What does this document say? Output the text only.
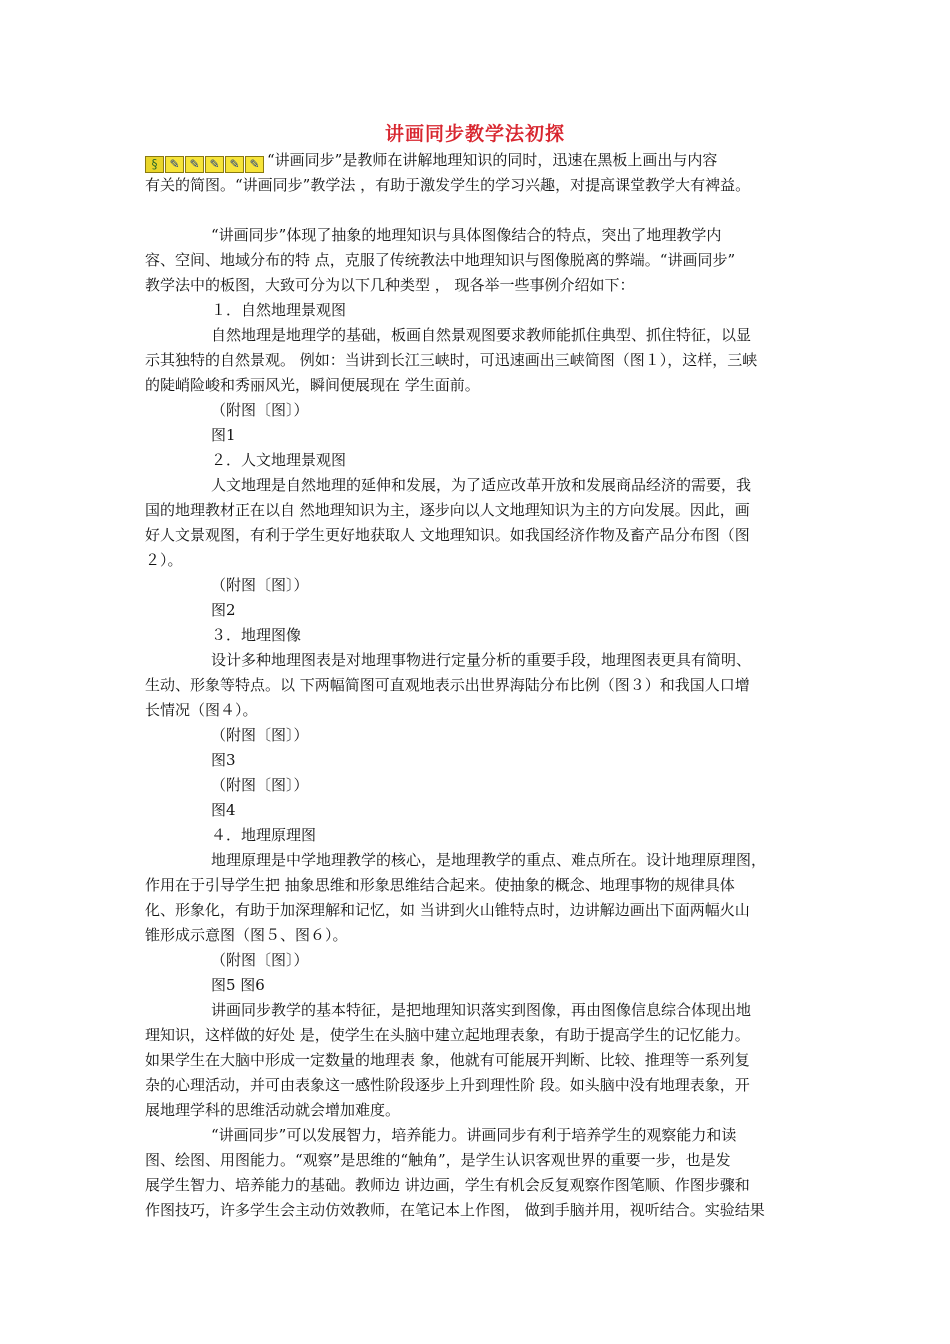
讲画同步教学法初探
§ ✎ ✎ ✎ ✎ ✎ “讲画同步”是教师在讲解地理知识的同时，迅速在黑板上画出与内容
有关的简图。“讲画同步”教学法 ，有助于激发学生的学习兴趣，对提高课堂教学大有裨益。
“讲画同步”体现了抽象的地理知识与具体图像结合的特点，突出了地理教学内
容、空间、地域分布的特 点，克服了传统教法中地理知识与图像脱离的弊端。“讲画同步”
教学法中的板图，大致可分为以下几种类型 ， 现各举一些事例介绍如下：
１．自然地理景观图
自然地理是地理学的基础，板画自然景观图要求教师能抓住典型、抓住特征，以显
示其独特的自然景观。 例如：当讲到长江三峡时，可迅速画出三峡简图（图１），这样，三峡
的陡峭险峻和秀丽风光，瞬间便展现在 学生面前。
（附图〔图〕）
图1
２．人文地理景观图
人文地理是自然地理的延伸和发展，为了适应改革开放和发展商品经济的需要，我
国的地理教材正在以自 然地理知识为主，逐步向以人文地理知识为主的方向发展。因此，画
好人文景观图，有利于学生更好地获取人 文地理知识。如我国经济作物及畜产品分布图（图
２）。
（附图〔图〕）
图2
３．地理图像
设计多种地理图表是对地理事物进行定量分析的重要手段，地理图表更具有简明、
生动、形象等特点。以 下两幅简图可直观地表示出世界海陆分布比例（图３）和我国人口增
长情况（图４）。
（附图〔图〕）
图3
（附图〔图〕）
图4
４．地理原理图
地理原理是中学地理教学的核心，是地理教学的重点、难点所在。设计地理原理图，
作用在于引导学生把 抽象思维和形象思维结合起来。使抽象的概念、地理事物的规律具体
化、形象化，有助于加深理解和记忆，如 当讲到火山锥特点时，边讲解边画出下面两幅火山
锥形成示意图（图５、图６）。
（附图〔图〕）
图5 图6
讲画同步教学的基本特征，是把地理知识落实到图像，再由图像信息综合体现出地
理知识，这样做的好处 是，使学生在头脑中建立起地理表象，有助于提高学生的记忆能力。
如果学生在大脑中形成一定数量的地理表 象，他就有可能展开判断、比较、推理等一系列复
杂的心理活动，并可由表象这一感性阶段逐步上升到理性阶 段。如头脑中没有地理表象，开
展地理学科的思维活动就会增加难度。
“讲画同步”可以发展智力，培养能力。讲画同步有利于培养学生的观察能力和读
图、绘图、用图能力。“观察”是思维的“触角”，是学生认识客观世界的重要一步，也是发
展学生智力、培养能力的基础。教师边 讲边画，学生有机会反复观察作图笔顺、作图步骤和
作图技巧，许多学生会主动仿效教师，在笔记本上作图， 做到手脑并用，视听结合。实验结果
